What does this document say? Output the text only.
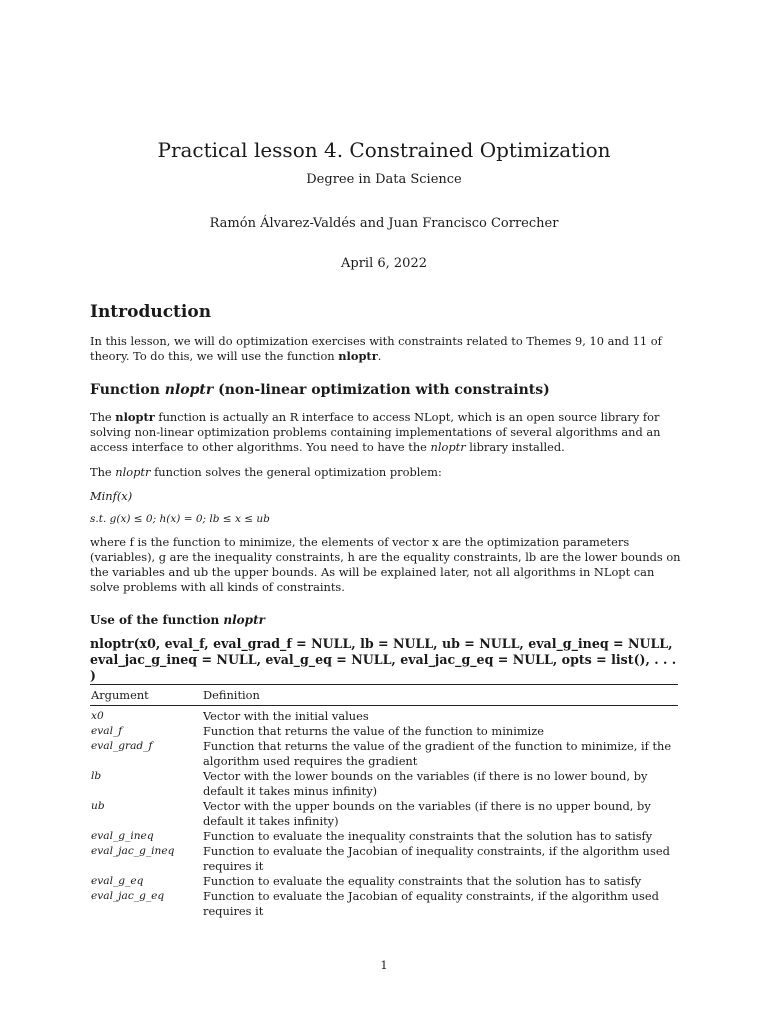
Practical lesson 4. Constrained Optimization
Degree in Data Science
Ramón Álvarez-Valdés and Juan Francisco Correcher
April 6, 2022
Introduction
In this lesson, we will do optimization exercises with constraints related to Themes 9, 10 and 11 of theory. To do this, we will use the function nloptr.
Function nloptr (non-linear optimization with constraints)
The nloptr function is actually an R interface to access NLopt, which is an open source library for solving non-linear optimization problems containing implementations of several algorithms and an access interface to other algorithms. You need to have the nloptr library installed.
The nloptr function solves the general optimization problem:
Minf(x)
s.t. g(x) ≤ 0; h(x) = 0; lb ≤ x ≤ ub
where f is the function to minimize, the elements of vector x are the optimization parameters (variables), g are the inequality constraints, h are the equality constraints, lb are the lower bounds on the variables and ub the upper bounds. As will be explained later, not all algorithms in NLopt can solve problems with all kinds of constraints.
Use of the function nloptr
nloptr(x0, eval_f, eval_grad_f = NULL, lb = NULL, ub = NULL, eval_g_ineq = NULL, eval_jac_g_ineq = NULL, eval_g_eq = NULL, eval_jac_g_eq = NULL, opts = list(), . . . )
Argument	Definition
x0	Vector with the initial values
eval_f	Function that returns the value of the function to minimize
eval_grad_f	Function that returns the value of the gradient of the function to minimize, if the algorithm used requires the gradient
lb	Vector with the lower bounds on the variables (if there is no lower bound, by default it takes minus infinity)
ub	Vector with the upper bounds on the variables (if there is no upper bound, by default it takes infinity)
eval_g_ineq	Function to evaluate the inequality constraints that the solution has to satisfy
eval_jac_g_ineq	Function to evaluate the Jacobian of inequality constraints, if the algorithm used requires it
eval_g_eq	Function to evaluate the equality constraints that the solution has to satisfy
eval_jac_g_eq	Function to evaluate the Jacobian of equality constraints, if the algorithm used requires it
1
